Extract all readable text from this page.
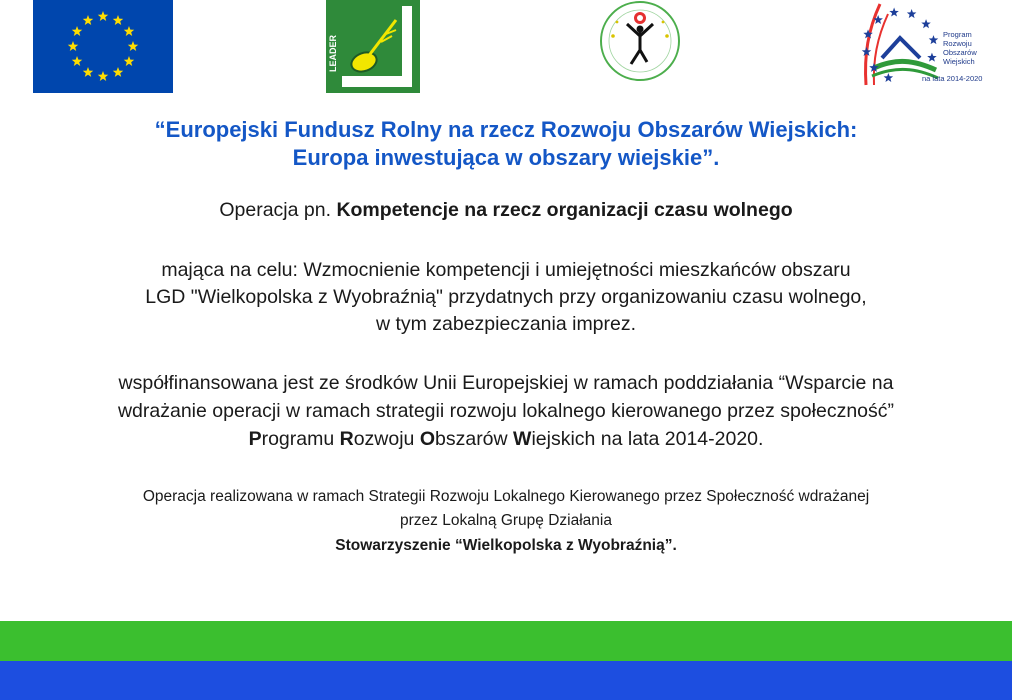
LEADER
Program
Rozwoju
Obszarów
Wiejskich
na lata 2014-2020
“Europejski Fundusz Rolny na rzecz Rozwoju Obszarów Wiejskich:
Europa inwestująca w obszary wiejskie”.
Operacja pn. Kompetencje na rzecz organizacji czasu wolnego
mająca na celu: Wzmocnienie kompetencji i umiejętności mieszkańców obszaru
LGD "Wielkopolska z Wyobraźnią" przydatnych przy organizowaniu czasu wolnego,
w tym zabezpieczania imprez.
współfinansowana jest ze środków Unii Europejskiej w ramach poddziałania “Wsparcie na
wdrażanie operacji w ramach strategii rozwoju lokalnego kierowanego przez społeczność”
Programu Rozwoju Obszarów Wiejskich na lata 2014-2020.
Operacja realizowana w ramach Strategii Rozwoju Lokalnego Kierowanego przez Społeczność wdrażanej
przez Lokalną Grupę Działania
Stowarzyszenie “Wielkopolska z Wyobraźnią”.
